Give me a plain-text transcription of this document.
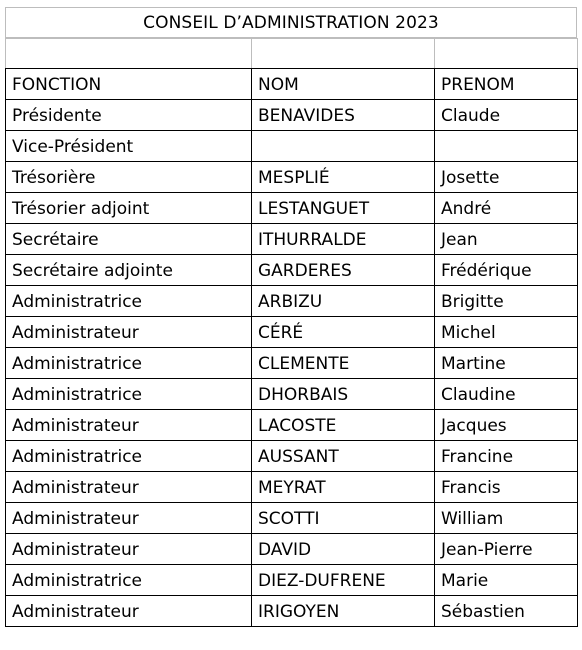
CONSEIL D’ADMINISTRATION 2023

FONCTION	NOM	PRENOM
Présidente	BENAVIDES	Claude
Vice-Président		
Trésorière	MESPLIÉ	Josette
Trésorier adjoint	LESTANGUET	André
Secrétaire	ITHURRALDE	Jean
Secrétaire adjointe	GARDERES	Frédérique
Administratrice	ARBIZU	Brigitte
Administrateur	CÉRÉ	Michel
Administratrice	CLEMENTE	Martine
Administratrice	DHORBAIS	Claudine
Administrateur	LACOSTE	Jacques
Administratrice	AUSSANT	Francine
Administrateur	MEYRAT	Francis
Administrateur	SCOTTI	William
Administrateur	DAVID	Jean-Pierre
Administratrice	DIEZ-DUFRENE	Marie
Administrateur	IRIGOYEN	Sébastien
